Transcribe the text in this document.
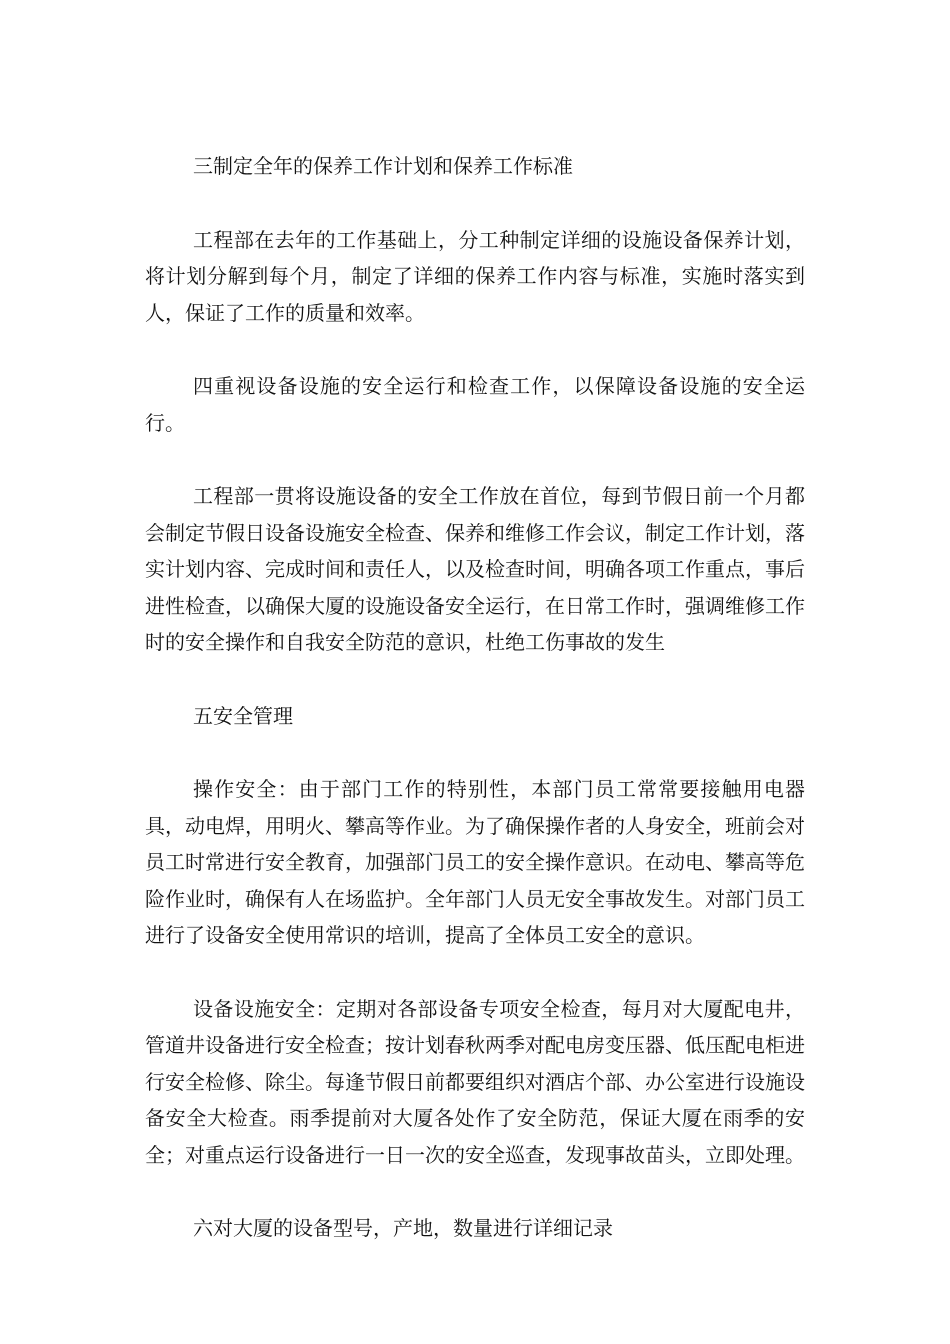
三制定全年的保养工作计划和保养工作标准

工程部在去年的工作基础上，分工种制定详细的设施设备保养计划，将计划分解到每个月，制定了详细的保养工作内容与标准，实施时落实到人，保证了工作的质量和效率。

四重视设备设施的安全运行和检查工作，以保障设备设施的安全运行。

工程部一贯将设施设备的安全工作放在首位，每到节假日前一个月都会制定节假日设备设施安全检查、保养和维修工作会议，制定工作计划，落实计划内容、完成时间和责任人，以及检查时间，明确各项工作重点，事后进性检查，以确保大厦的设施设备安全运行，在日常工作时，强调维修工作时的安全操作和自我安全防范的意识，杜绝工伤事故的发生

五安全管理

操作安全：由于部门工作的特别性，本部门员工常常要接触用电器具，动电焊，用明火、攀高等作业。为了确保操作者的人身安全，班前会对员工时常进行安全教育，加强部门员工的安全操作意识。在动电、攀高等危险作业时，确保有人在场监护。全年部门人员无安全事故发生。对部门员工进行了设备安全使用常识的培训，提高了全体员工安全的意识。

设备设施安全：定期对各部设备专项安全检查，每月对大厦配电井，管道井设备进行安全检查；按计划春秋两季对配电房变压器、低压配电柜进行安全检修、除尘。每逢节假日前都要组织对酒店个部、办公室进行设施设备安全大检查。雨季提前对大厦各处作了安全防范，保证大厦在雨季的安全；对重点运行设备进行一日一次的安全巡查，发现事故苗头，立即处理。

六对大厦的设备型号，产地，数量进行详细记录
